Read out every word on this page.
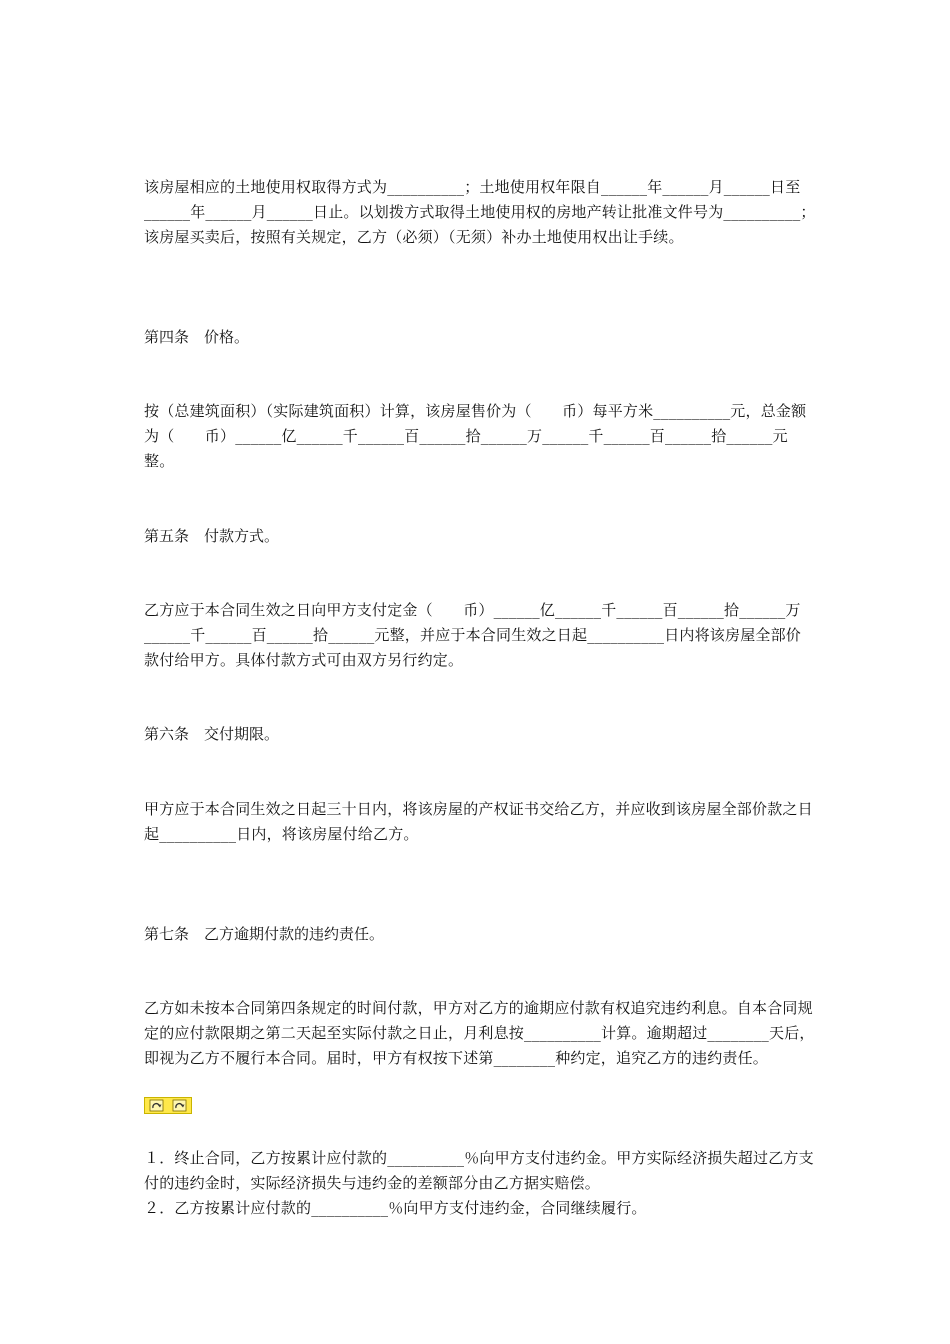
该房屋相应的土地使用权取得方式为__________；土地使用权年限自______年______月______日至______年______月______日止。以划拨方式取得土地使用权的房地产转让批准文件号为__________；该房屋买卖后，按照有关规定，乙方（必须）（无须）补办土地使用权出让手续。

第四条　价格。

按（总建筑面积）（实际建筑面积）计算，该房屋售价为（　　币）每平方米__________元，总金额为（　　币）______亿______千______百______拾______万______千______百______拾______元整。

第五条　付款方式。

乙方应于本合同生效之日向甲方支付定金（　　币）______亿______千______百______拾______万______千______百______拾______元整，并应于本合同生效之日起__________日内将该房屋全部价款付给甲方。具体付款方式可由双方另行约定。

第六条　交付期限。

甲方应于本合同生效之日起三十日内，将该房屋的产权证书交给乙方，并应收到该房屋全部价款之日起__________日内，将该房屋付给乙方。

第七条　乙方逾期付款的违约责任。

乙方如未按本合同第四条规定的时间付款，甲方对乙方的逾期应付款有权追究违约利息。自本合同规定的应付款限期之第二天起至实际付款之日止，月利息按__________计算。逾期超过________天后，即视为乙方不履行本合同。届时，甲方有权按下述第________种约定，追究乙方的违约责任。

１．终止合同，乙方按累计应付款的__________％向甲方支付违约金。甲方实际经济损失超过乙方支付的违约金时，实际经济损失与违约金的差额部分由乙方据实赔偿。

２．乙方按累计应付款的__________％向甲方支付违约金，合同继续履行。
